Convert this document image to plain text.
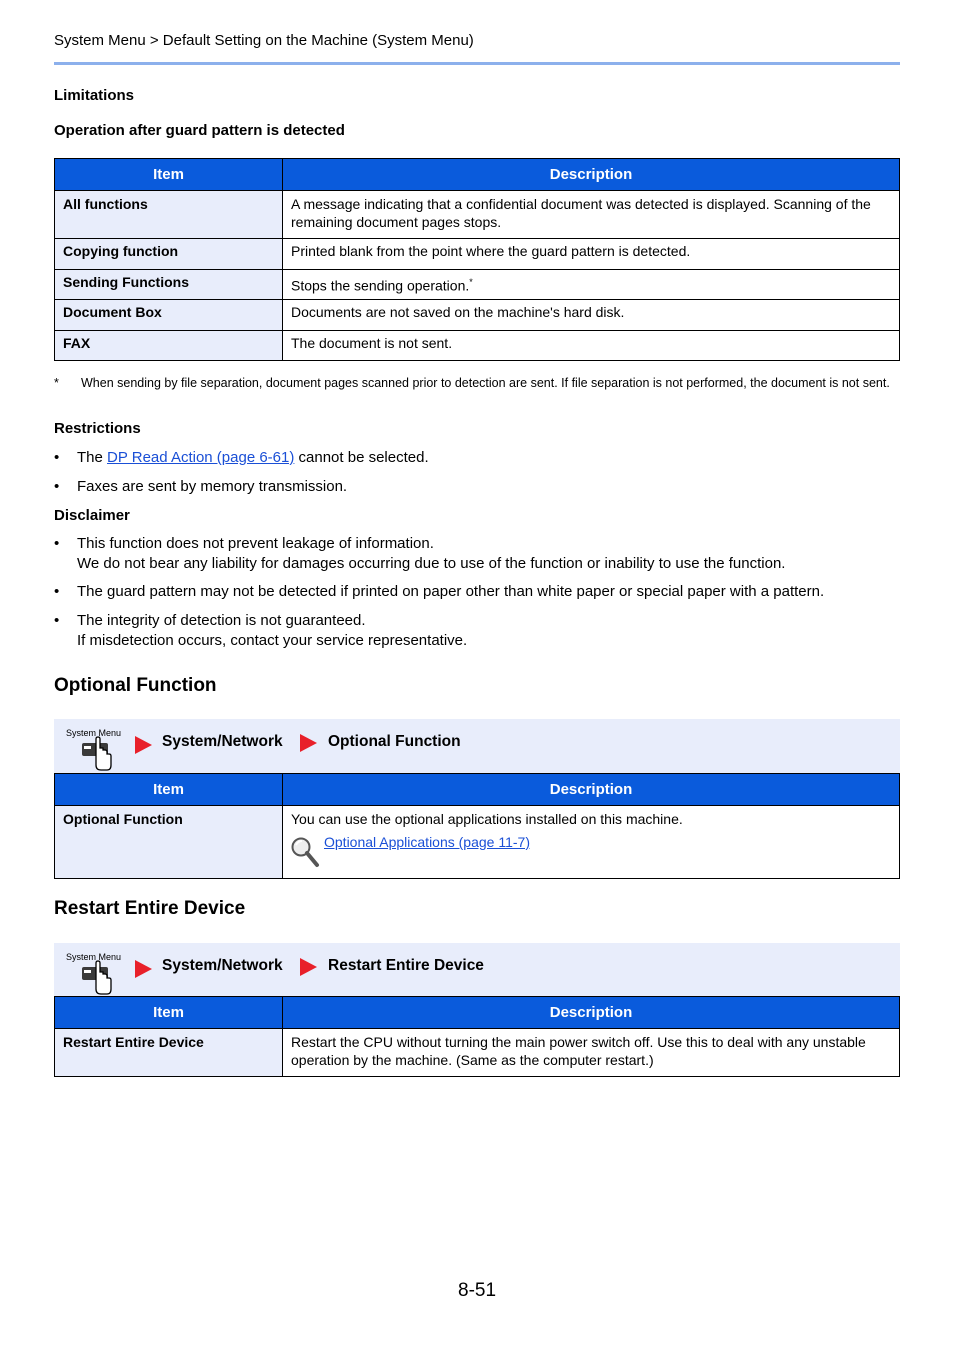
System Menu > Default Setting on the Machine (System Menu)
Limitations
Operation after guard pattern is detected
Item	Description
All functions	A message indicating that a confidential document was detected is displayed. Scanning of the remaining document pages stops.
Copying function	Printed blank from the point where the guard pattern is detected.
Sending Functions	Stops the sending operation.*
Document Box	Documents are not saved on the machine's hard disk.
FAX	The document is not sent.
* When sending by file separation, document pages scanned prior to detection are sent. If file separation is not performed, the document is not sent.
Restrictions
• The DP Read Action (page 6-61) cannot be selected.
• Faxes are sent by memory transmission.
Disclaimer
• This function does not prevent leakage of information.
We do not bear any liability for damages occurring due to use of the function or inability to use the function.
• The guard pattern may not be detected if printed on paper other than white paper or special paper with a pattern.
• The integrity of detection is not guaranteed.
If misdetection occurs, contact your service representative.
Optional Function
System Menu	System/Network	Optional Function
Item	Description
Optional Function	You can use the optional applications installed on this machine.
Optional Applications (page 11-7)
Restart Entire Device
System Menu	System/Network	Restart Entire Device
Item	Description
Restart Entire Device	Restart the CPU without turning the main power switch off. Use this to deal with any unstable operation by the machine. (Same as the computer restart.)
8-51
